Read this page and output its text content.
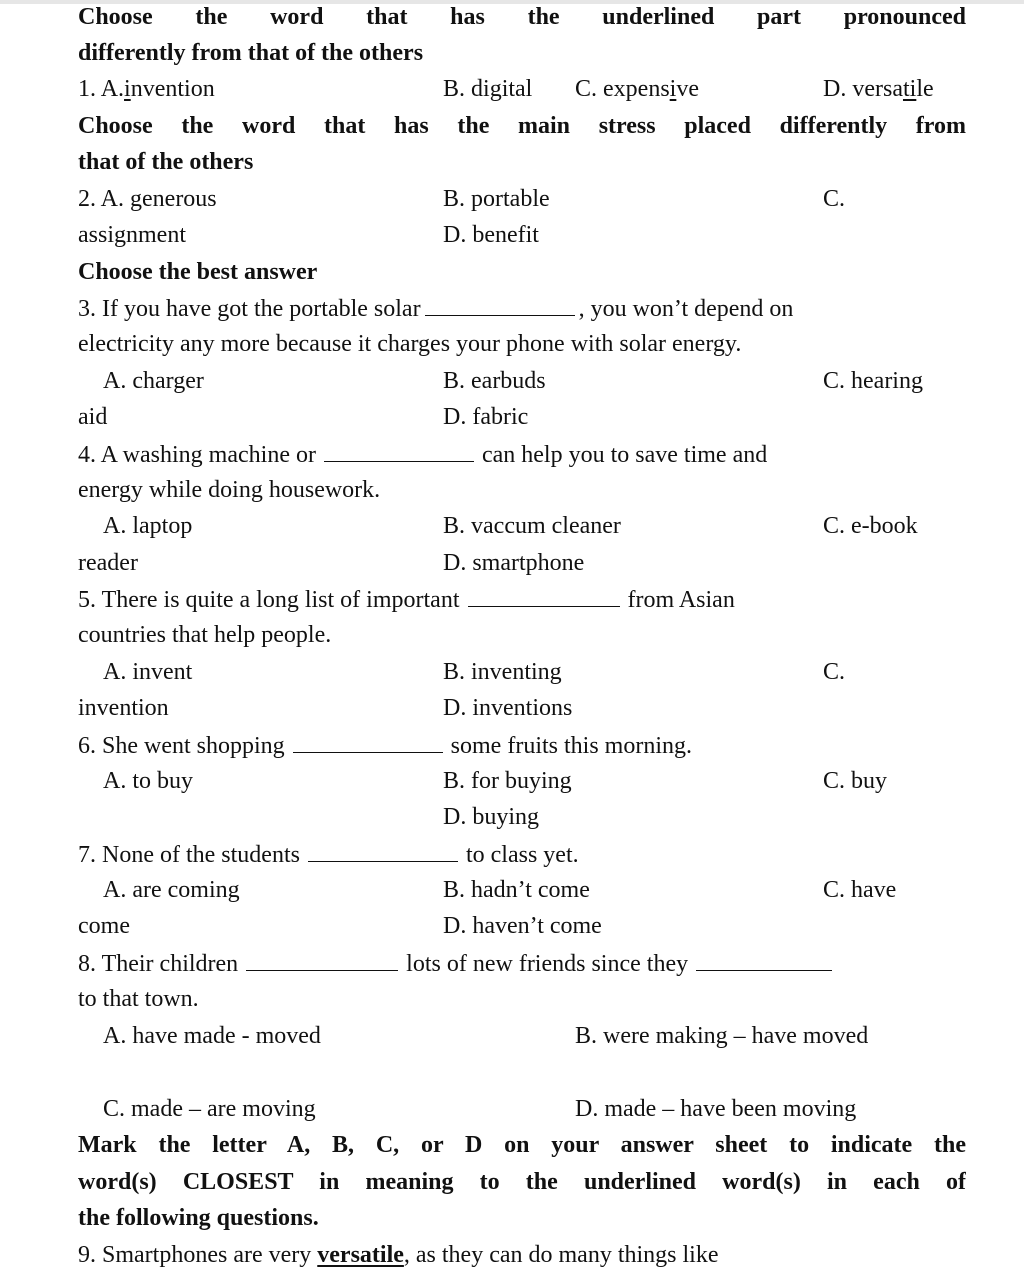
Choose the word that has the underlined part pronounced
differently from that of the others
1. A.invention	B. digital C. expensive	D. versatile
Choose the word that has the main stress placed differently from
that of the others
2. A. generous	B. portable	C.
assignment	D. benefit
Choose the best answer
3. If you have got the portable solar	, you won’t depend on
electricity any more because it charges your phone with solar energy.
A. charger	B. earbuds	C. hearing
aid	D. fabric
4. A washing machine or	can help you to save time and
energy while doing housework.
A. laptop	B. vaccum cleaner	C. e-book
reader	D. smartphone
5. There is quite a long list of important	from Asian
countries that help people.
A. invent	B. inventing	C.
invention	D. inventions
6. She went shopping	some fruits this morning.
A. to buy	B. for buying	C. buy
D. buying
7. None of the students	to class yet.
A. are coming	B. hadn’t come	C. have
come	D. haven’t come
8. Their children	lots of new friends since they
to that town.
A. have made - moved	B. were making – have moved
C. made – are moving	D. made – have been moving
Mark the letter A, B, C, or D on your answer sheet to indicate the
word(s) CLOSEST in meaning to the underlined word(s) in each of
the following questions.
9. Smartphones are very versatile, as they can do many things like
